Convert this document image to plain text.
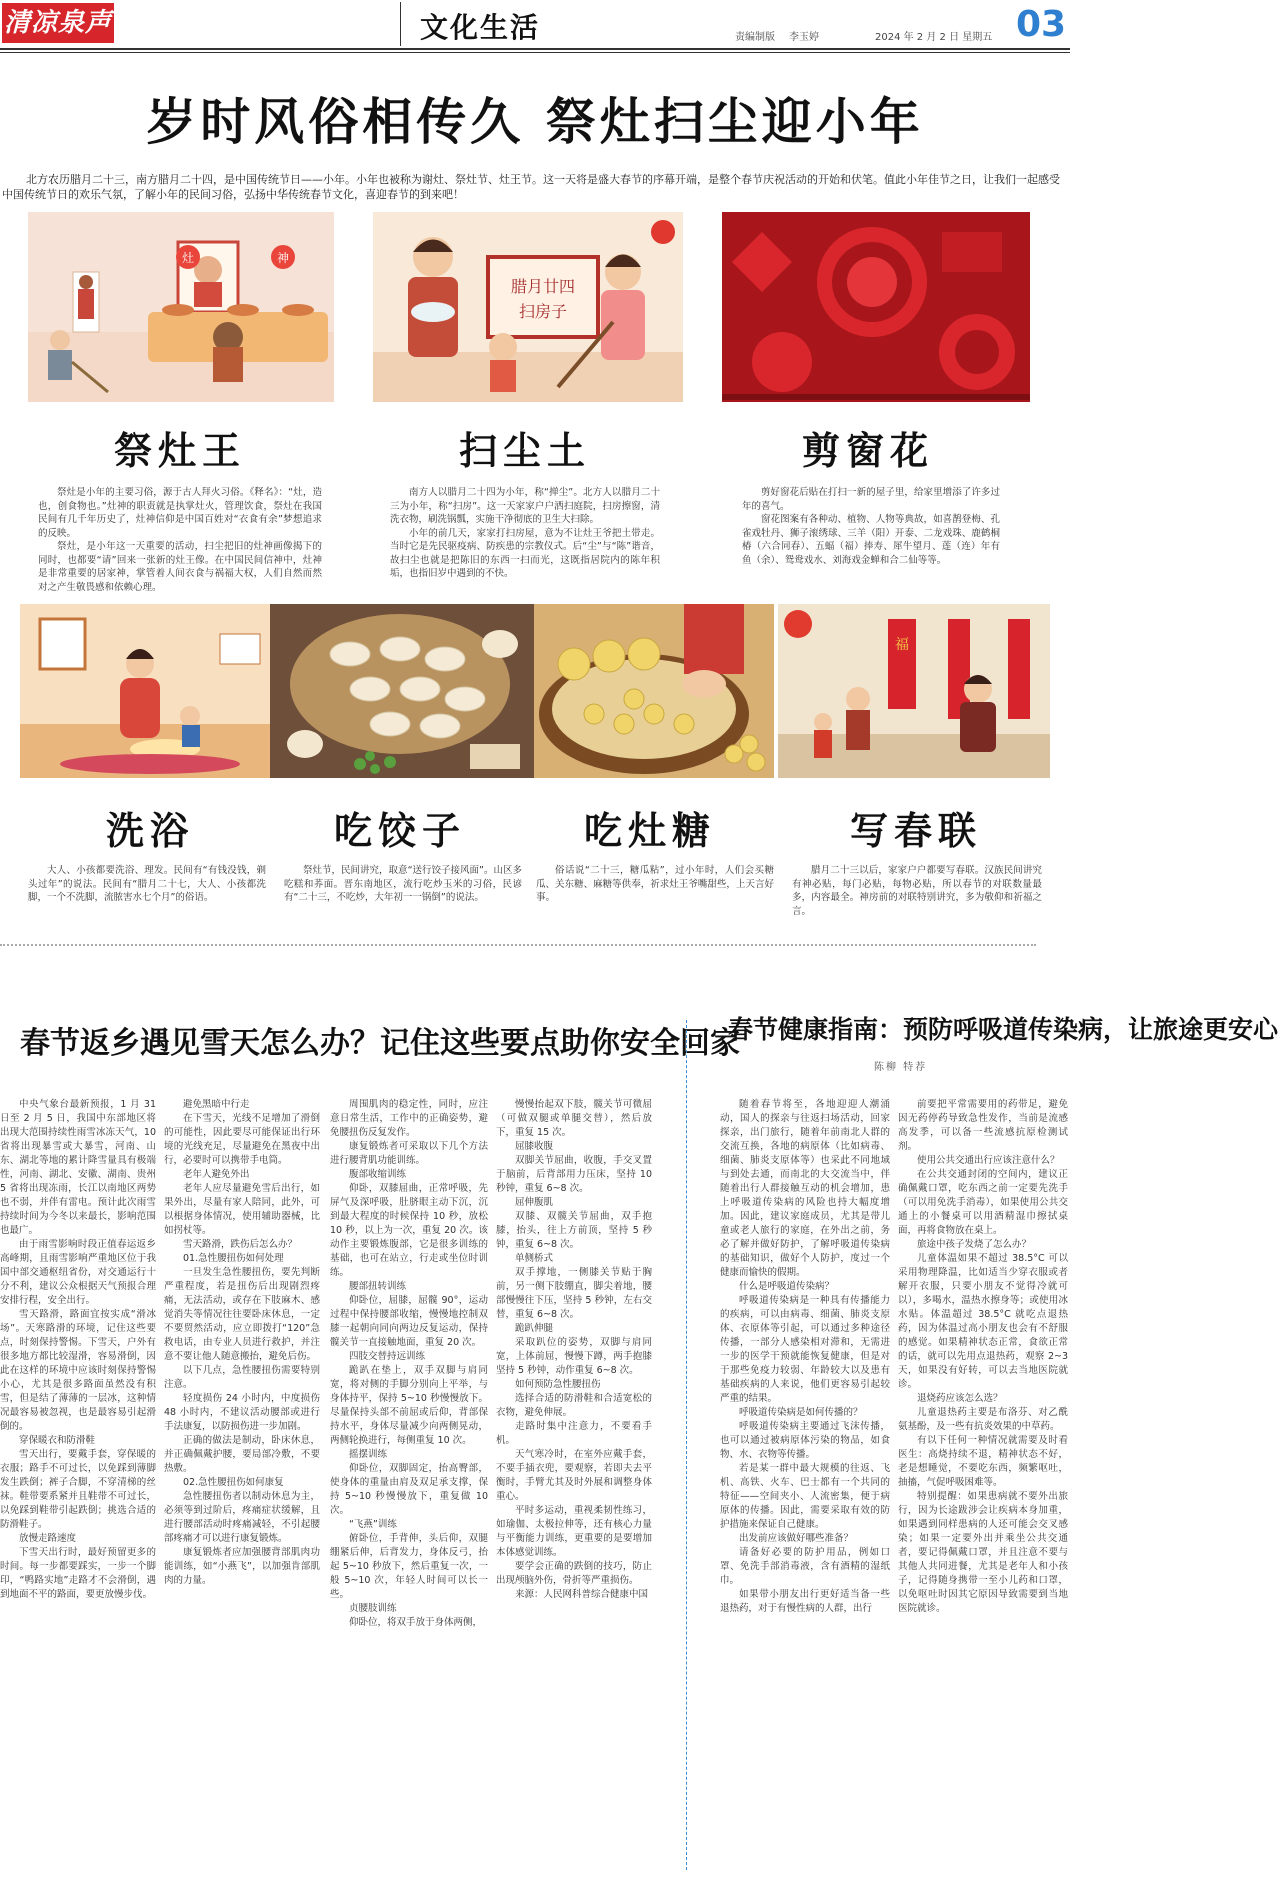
清凉泉声	文化生活	责编制版 李玉婷	2024 年 2 月 2 日 星期五 03
岁时风俗相传久 祭灶扫尘迎小年
北方农历腊月二十三，南方腊月二十四，是中国传统节日——小年。小年也被称为谢灶、祭灶节、灶王节。这一天将是盛大春节的序幕开端，是整个春节庆祝活动的开始和伏笔。值此小年佳节之日，让我们一起感受中国传统节日的欢乐气氛，了解小年的民间习俗，弘扬中华传统春节文化，喜迎春节的到来吧！
灶	神
腊月廿四
扫房子
祭灶王	扫尘土	剪窗花

祭灶是小年的主要习俗，源于古人拜火习俗。《释名》：“灶，造也，创食物也。”灶神的职责就是执掌灶火，管理饮食，祭灶在我国民间有几千年历史了，灶神信仰是中国百姓对“衣食有余”梦想追求的反映。

祭灶，是小年这一天重要的活动，扫尘把旧的灶神画像揭下的同时，也都要“请”回来一张新的灶王像。在中国民间信神中，灶神是非常重要的居家神，掌管着人间衣食与祸福大权，人们自然而然对之产生敬畏感和依赖心理。

南方人以腊月二十四为小年，称“掸尘”。北方人以腊月二十三为小年，称“扫房”。这一天家家户户洒扫庭院，扫房擦窗，清洗衣物，刷洗锅瓢，实施干净彻底的卫生大扫除。

小年的前几天，家家打扫房屋，意为不让灶王爷把土带走。当时它是先民驱疫病、防疾患的宗教仪式。后“尘”与“陈”谐音，故扫尘也就是把陈旧的东西一扫而光，这既指居院内的陈年积垢，也指旧岁中遇到的不快。

剪好窗花后贴在打扫一新的屋子里，给家里增添了许多过年的喜气。

窗花图案有各种动、植物、人物等典故，如喜鹊登梅、孔雀戏牡丹、狮子滚绣球、三羊（阳）开泰、二龙戏珠、鹿鹤桐椿（六合同春）、五蝠（福）捧寿、犀牛望月、莲（连）年有鱼（余）、鸳鸯戏水、刘海戏金蝉和合二仙等等。

福
洗浴	吃饺子	吃灶糖	写春联

大人、小孩都要洗浴、理发。民间有“有钱没钱，剃头过年”的说法。民间有“腊月二十七，大人、小孩都洗脚，一个不洗脚，流脓害水七个月”的俗语。

祭灶节，民间讲究，取意“送行饺子接风面”。山区多吃糕和荞面。晋东南地区，流行吃炒玉米的习俗，民谚有“二十三，不吃炒，大年初一一锅倒”的说法。

俗话说“二十三，糖瓜粘”，过小年时，人们会买糖瓜、关东糖、麻糖等供奉，祈求灶王爷嘴甜些，上天言好事。

腊月二十三以后，家家户户都要写春联。汉族民间讲究有神必贴，每门必贴，每物必贴，所以春节的对联数量最多，内容最全。神房前的对联特别讲究，多为敬仰和祈福之言。

春节返乡遇见雪天怎么办？记住这些要点助你安全回家

中央气象台最新预报，1 月 31 日至 2 月 5 日，我国中东部地区将出现大范围持续性雨雪冰冻天气，10 省将出现暴雪或大暴雪，河南、山东、湖北等地的累计降雪量具有极端性，河南、湖北、安徽、湖南、贵州 5 省将出现冻雨，长江以南地区两势也不弱，并伴有雷电。预计此次雨雪持续时间为今冬以来最长，影响范围也最广。

由于雨雪影响时段正值春运返乡高峰期，且雨雪影响严重地区位于我国中部交通枢纽省份，对交通运行十分不利，建议公众根据天气预报合理安排行程，安全出行。

雪天路滑，路面宜按实成“滑冰场”。天寒路滑的环境，记住这些要点，时刻保持警惕。下雪天，户外有很多地方都比较湿滑，容易滑倒，因此在这样的环境中应该时刻保持警惕小心，尤其是很多路面虽然没有积雪，但是结了薄薄的一层冰，这种情况最容易被忽视，也是最容易引起滑倒的。

穿保暖衣和防滑鞋

雪天出行，要戴手套，穿保暖的衣服；路手不可过长，以免踩到薄脚发生跌倒；裤子合脚，不穿清梯的丝袜。鞋带要系紧并且鞋带不可过长，以免踩到鞋带引起跌倒；挑选合适的防滑鞋子。

放慢走路速度

下雪天出行时，最好预留更多的时间。每一步都要踩实，一步一个脚印，“鸭路实地”走路才不会滑倒，遇到地面不平的路面，要更放慢步伐。

避免黑暗中行走

在下雪天，光线不足增加了滑倒的可能性，因此要尽可能保证出行环境的光线充足，尽量避免在黑夜中出行，必要时可以携带手电筒。

老年人避免外出

老年人应尽量避免雪后出行，如果外出，尽量有家人陪同，此外，可以根据身体情况，使用辅助器械，比如拐杖等。

雪天路滑，跌伤后怎么办？

01.急性腰扭伤如何处理

一旦发生急性腰扭伤，要先判断严重程度，若是扭伤后出现剧烈疼痛，无法活动，或存在下肢麻木、感觉消失等情况往往要卧床休息，一定不要贸然活动，应立即拨打“120”急救电话，由专业人员进行救护，并注意不要让他人随意搬抬，避免后伤。

以下几点，急性腰扭伤需要特别注意。

轻度损伤 24 小时内，中度损伤 48 小时内，不建议活动腰部或进行手法康复，以防损伤进一步加剧。

正确的做法是制动，卧床休息，并正确佩戴护腰，要局部冷敷，不要热敷。

02.急性腰扭伤如何康复

急性腰扭伤者以制动休息为主，必须等到过阶后，疼痛症状缓解，且进行腰部活动时疼痛减轻，不引起腰部疼痛才可以进行康复锻炼。

康复锻炼者应加强腰背部肌肉功能训练，如“小燕飞”，以加强肯部肌肉的力量。

周围肌肉的稳定性，同时，应注意日常生活，工作中的正确姿势，避免腰扭伤反复发作。

康复锻炼者可采取以下几个方法进行腰背肌功能训练。

腹部收缩训练

仰卧，双膝屈曲，正常呼吸，先屏气及深呼吸，肚脐眼主动下沉，沉到最大程度的时候保持 10 秒，放松 10 秒，以上为一次，重复 20 次。该动作主要锻炼腹部，它是很多训练的基础，也可在站立，行走或坐位时训练。

腰部扭转训练

仰卧位，屈膝，屈髋 90°，运动过程中保持腰部收缩，慢慢地控制双膝一起朝向同向两边反复运动，保持髋关节一直接触地面，重复 20 次。

四肢交替持远训练

跪趴在垫上，双手双脚与肩同宽，将对侧的手脚分别向上平举，与身体持平，保持 5~10 秒慢慢放下。尽量保持头部不前屈或后仰，背部保持水平，身体尽量减少向两侧晃动，两侧轮换进行，每侧重复 10 次。

摇摆训练

仰卧位，双脚固定，抬高臀部，使身体的重量由肩及双足承支撑，保持 5~10 秒慢慢放下，重复做 10 次。

“飞燕”训练

俯卧位，手背伸，头后仰，双腿绷紧后伸，后背发力，身体反弓，抬起 5~10 秒放下，然后重复一次，一般 5~10 次，年轻人时间可以长一些。

贞腰肢训练

仰卧位，将双手放于身体两侧，

慢慢抬起双下肢，髋关节可微屈（可做双腿或单腿交替），然后放下，重复 15 次。

屈膝收腹

双脚关节屈曲，收腹，手交叉置于脑前，后背部用力压床，坚持 10 秒钟，重复 6~8 次。

屈伸腹肌

双膝、双髋关节屈曲，双手抱膝，抬头，往上方前顶，坚持 5 秒钟，重复 6~8 次。

单侧桥式

双手撑地，一侧膝关节贴于胸前，另一侧下肢绷直，脚尖着地，腰部慢慢往下压，坚持 5 秒钟，左右交替，重复 6~8 次。

跪趴伸腿

采取趴位的姿势，双脚与肩同宽，上体前屈，慢慢下蹲，两手抱膝坚持 5 秒钟，动作重复 6~8 次。

如何预防急性腰扭伤

选择合适的防滑鞋和合适宽松的衣物，避免伸展。

走路时集中注意力，不要看手机。

天气寒冷时，在室外应戴手套，不要手插衣兜，要观察，若即夫去平衡时，手臂尤其及时外展和调整身体重心。

平时多运动，重视柔韧性练习，如瑜伽、太极拉伸等，还有核心力量与平衡能力训练，更重要的是要增加本体感觉训练。

要学会正确的跌倒的技巧，防止出现颅脑外伤，骨折等严重损伤。

来源：人民网科普综合健康中国

春节健康指南：预防呼吸道传染病，让旅途更安心
陈柳 特荐

随着春节将至，各地迎迎人潮涌动，国人的探亲与往返扫场活动，回家探亲，出门旅行，随着年前南北人群的交流互换，各地的病原体（比如病毒、细菌、肺炎支原体等）也采此不同地域与到处去通，而南北的大交流当中，伴随着出行人群接触互动的机会增加，患上呼吸道传染病的风险也持大幅度增加。因此，建议家庭成员，尤其是带儿童或老人旅行的家庭，在外出之前，务必了解并做好防护，了解呼吸道传染病的基础知识，做好个人防护，度过一个健康而愉快的假期。

什么是呼吸道传染病？

呼吸道传染病是一种具有传播能力的疾病，可以由病毒、细菌、肺炎支原体、衣原体等引起，可以通过多种途径传播，一部分人感染相对滞和，无需进一步的医学干预就能恢复健康，但是对于那些免疫力较弱、年龄较大以及患有基础疾病的人来说，他们更容易引起较严重的结果。

呼吸道传染病是如何传播的？

呼吸道传染病主要通过飞沫传播，也可以通过被病原体污染的物品，如食物、水、衣物等传播。

若是某一群中最大规模的往返、飞机、高铁、火车、巴士都有一个共同的特征——空间夹小、人流密集，便于病原体的传播。因此，需要采取有效的防护措施来保证自己健康。

出发前应该做好哪些准备？

请备好必要的防护用品，例如口罩、免洗手部消毒液，含有酒精的湿纸巾。

如果带小朋友出行更好适当备一些退热药，对于有慢性病的人群，出行

前要把平常需要用的药带足，避免因无药停药导致急性发作，当前是流感高发季，可以备一些流感抗原检测试剂。

使用公共交通出行应该注意什么？

在公共交通封闭的空间内，建议正确佩戴口罩，吃东西之前一定要先洗手（可以用免洗手消毒），如果使用公共交通上的小餐桌可以用酒精湿巾擦拭桌面，再将食物放在桌上。

旅途中孩子发烧了怎么办？

儿童体温如果不超过 38.5°C 可以采用物理降温，比如适当少穿衣服或者解开衣服，只要小朋友不觉得冷就可以），多喝水，温热水擦身等；或使用冰水贴。体温超过 38.5°C 就吃点退热药，因为体温过高小朋友也会有不舒服的感觉。如果精神状态正常，食欲正常的话，就可以先用点退热药，观察 2~3 天，如果没有好转，可以去当地医院就诊。

退烧药应该怎么选？

儿童退热药主要是布洛芬、对乙酰氨基酚，及一些有抗炎效果的中草药。

有以下任何一种情况就需要及时看医生：高烧持续不退，精神状态不好，老是想睡觉，不要吃东西，频繁呕吐，抽搐，气促呼吸困难等。

特别提醒：如果患病就不要外出旅行，因为长途跋涉会让疾病本身加重，如果遇到同样患病的人还可能会交叉感染；如果一定要外出并乘坐公共交通者，要记得佩戴口罩，并且注意不要与其他人共同进餐，尤其是老年人和小孩子，记得随身携带一至小儿药和口罩，以免呕吐时因其它原因导致需要到当地医院就诊。
